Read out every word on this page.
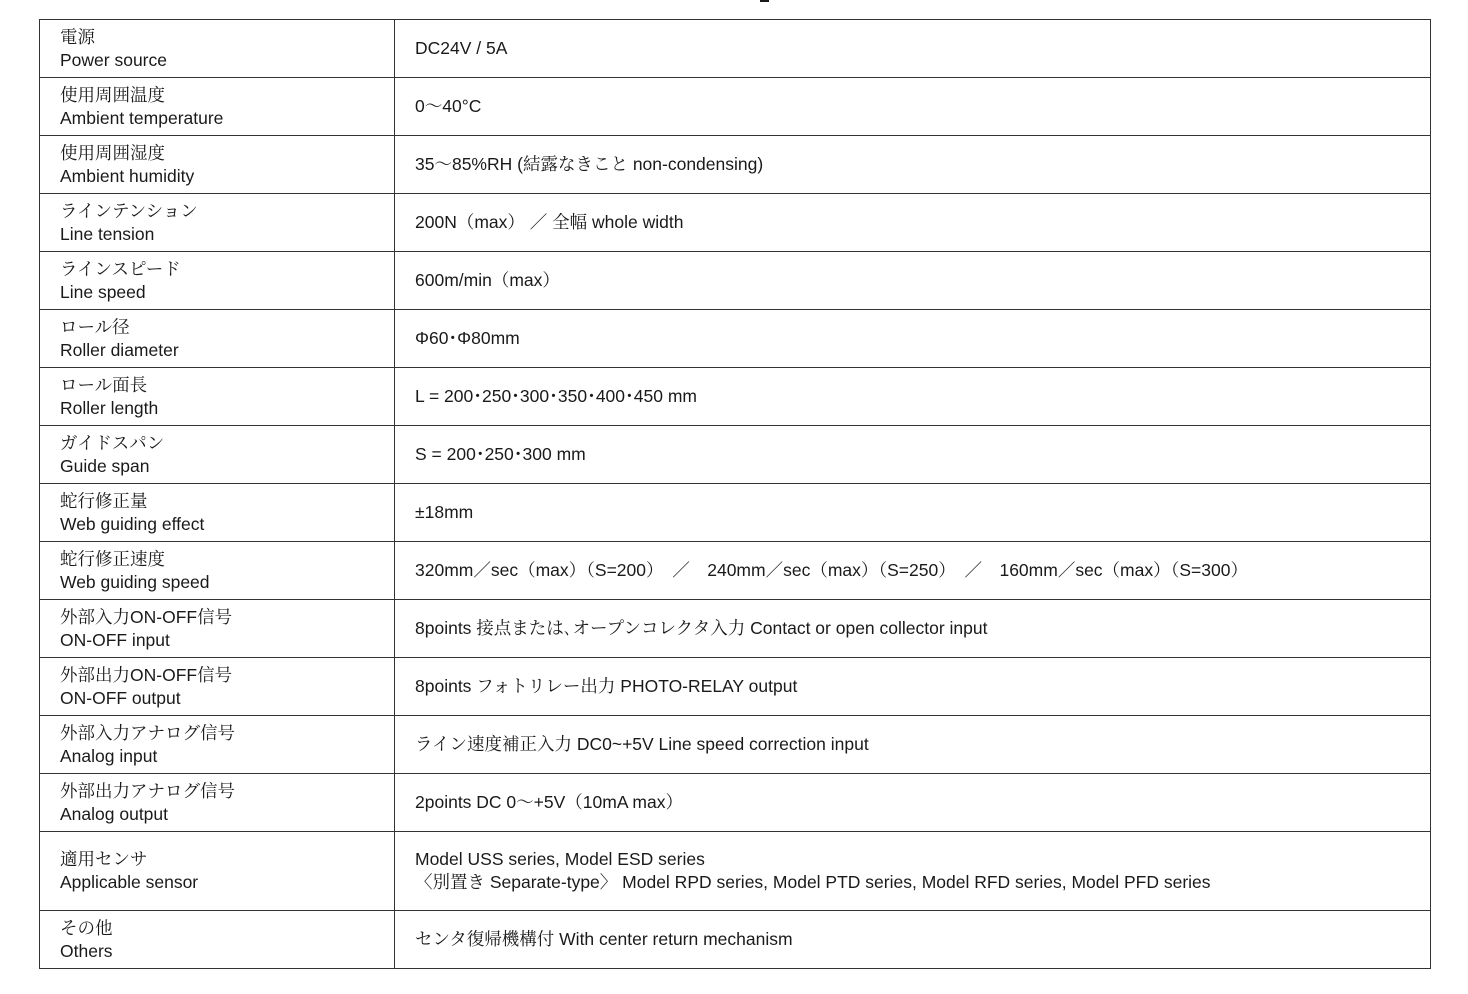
電源
Power source	DC24V / 5A

使用周囲温度
Ambient temperature	0〜40°C

使用周囲湿度
Ambient humidity	35〜85%RH (結露なきこと non-condensing)

ラインテンション
Line tension	200N（max） ／ 全幅 whole width

ラインスピード
Line speed	600m/min（max）

ロール径
Roller diameter	Φ60･Φ80mm

ロール面長
Roller length	L = 200･250･300･350･400･450 mm

ガイドスパン
Guide span	S = 200･250･300 mm

蛇行修正量
Web guiding effect	±18mm

蛇行修正速度
Web guiding speed	320mm／sec（max）（S=200）　／　240mm／sec（max）（S=250）　／　160mm／sec（max）（S=300）

外部入力ON-OFF信号
ON-OFF input	8points 接点または､オープンコレクタ入力 Contact or open collector input

外部出力ON-OFF信号
ON-OFF output	8points フォトリレー出力 PHOTO-RELAY output

外部入力アナログ信号
Analog input	ライン速度補正入力 DC0~+5V Line speed correction input

外部出力アナログ信号
Analog output	2points DC 0〜+5V（10mA max）

適用センサ
Applicable sensor	Model USS series, Model ESD series
〈別置き Separate-type〉 Model RPD series, Model PTD series, Model RFD series, Model PFD series

その他
Others	センタ復帰機構付 With center return mechanism
